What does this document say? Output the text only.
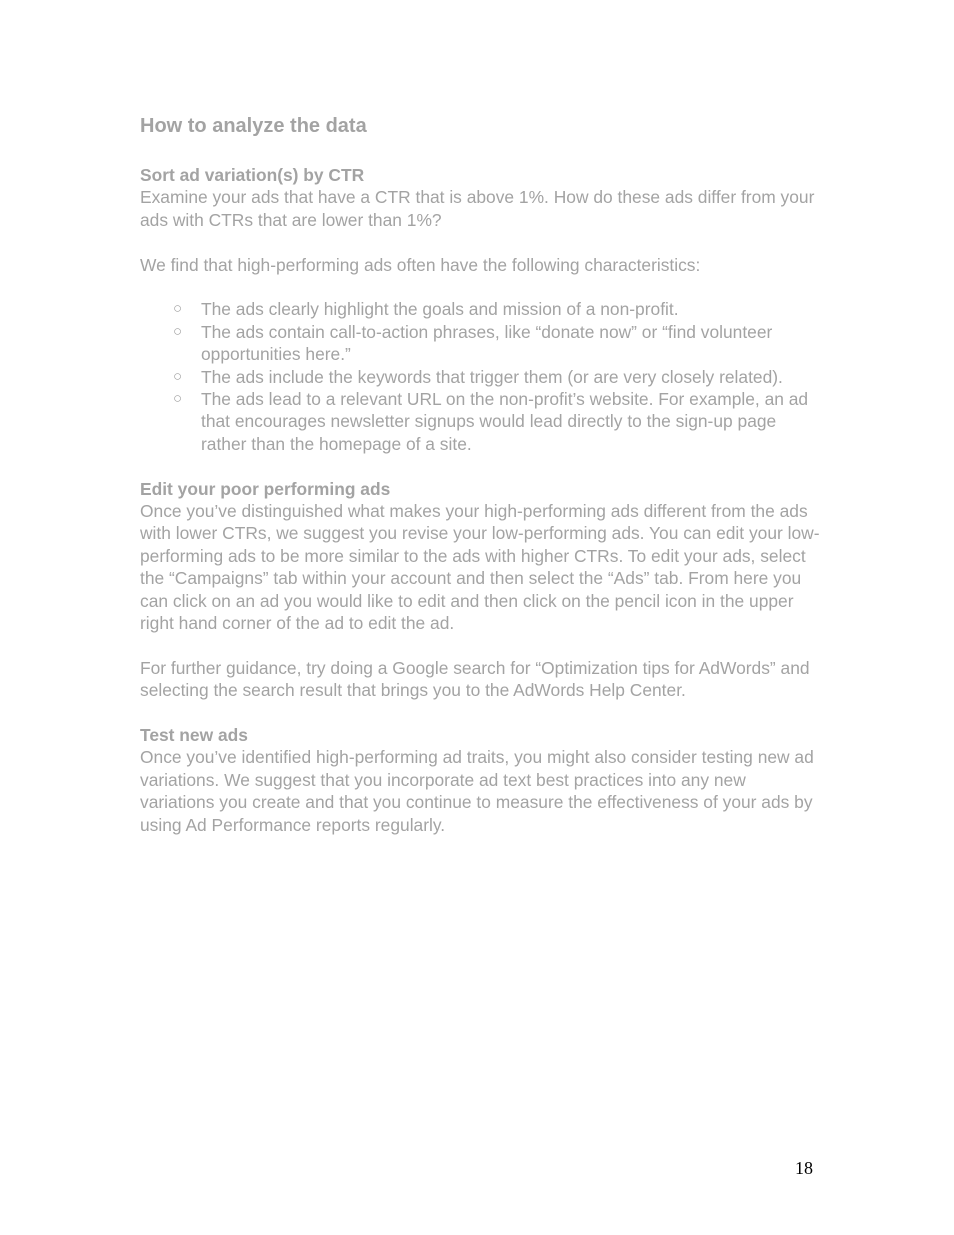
How to analyze the data

Sort ad variation(s) by CTR

Examine your ads that have a CTR that is above 1%. How do these ads differ from your ads with CTRs that are lower than 1%?

We find that high-performing ads often have the following characteristics:

○ The ads clearly highlight the goals and mission of a non-profit.
○ The ads contain call-to-action phrases, like “donate now” or “find volunteer opportunities here.”
○ The ads include the keywords that trigger them (or are very closely related).
○ The ads lead to a relevant URL on the non-profit’s website. For example, an ad that encourages newsletter signups would lead directly to the sign-up page rather than the homepage of a site.

Edit your poor performing ads

Once you’ve distinguished what makes your high-performing ads different from the ads with lower CTRs, we suggest you revise your low-performing ads. You can edit your low-performing ads to be more similar to the ads with higher CTRs. To edit your ads, select the “Campaigns” tab within your account and then select the “Ads” tab. From here you can click on an ad you would like to edit and then click on the pencil icon in the upper right hand corner of the ad to edit the ad.

For further guidance, try doing a Google search for “Optimization tips for AdWords” and selecting the search result that brings you to the AdWords Help Center.

Test new ads

Once you’ve identified high-performing ad traits, you might also consider testing new ad variations. We suggest that you incorporate ad text best practices into any new variations you create and that you continue to measure the effectiveness of your ads by using Ad Performance reports regularly.

18
